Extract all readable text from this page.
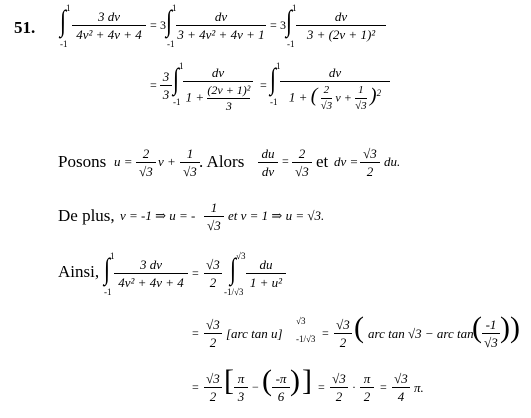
51. ∫ 1
-1
3 dv
4v² + 4v + 4
= 3 ∫ 1
-1
dv
3 + 4v² + 4v + 1
= 3 ∫ 1
-1
dv
3 + (2v + 1)²
=
3
3 ∫ 1
-1
dv
$1 + \frac{\text{(2v + 1)²}}{3}$ = ∫ 1
-1
dv
1 + ( $\frac{2}{√3}$ $v + \frac{1}{√3} )^2$
Posons u =
2
√3
v +
1
√3
. Alors du
dv
= 2
√3
et dv =
√3
2
du.
De plus, v = -1 ⇒ u = -
1
√3
et v = 1 ⇒ u = √3.
Ainsi, ∫ 1
-1
3 dv
4v² + 4v + 4
=
√3
2 ∫ √3
-1/√3
du
1 + u²
=
√3
2
[arc tan u]
√3
-1/√3 =
√3
2 ( arc tan √3 − arc tan
( -1
√3 ) )
=
√3
2 [ π
3
− ( -π
6 ) ] =
√3
2
·
π
2
=
√3
4
π.
